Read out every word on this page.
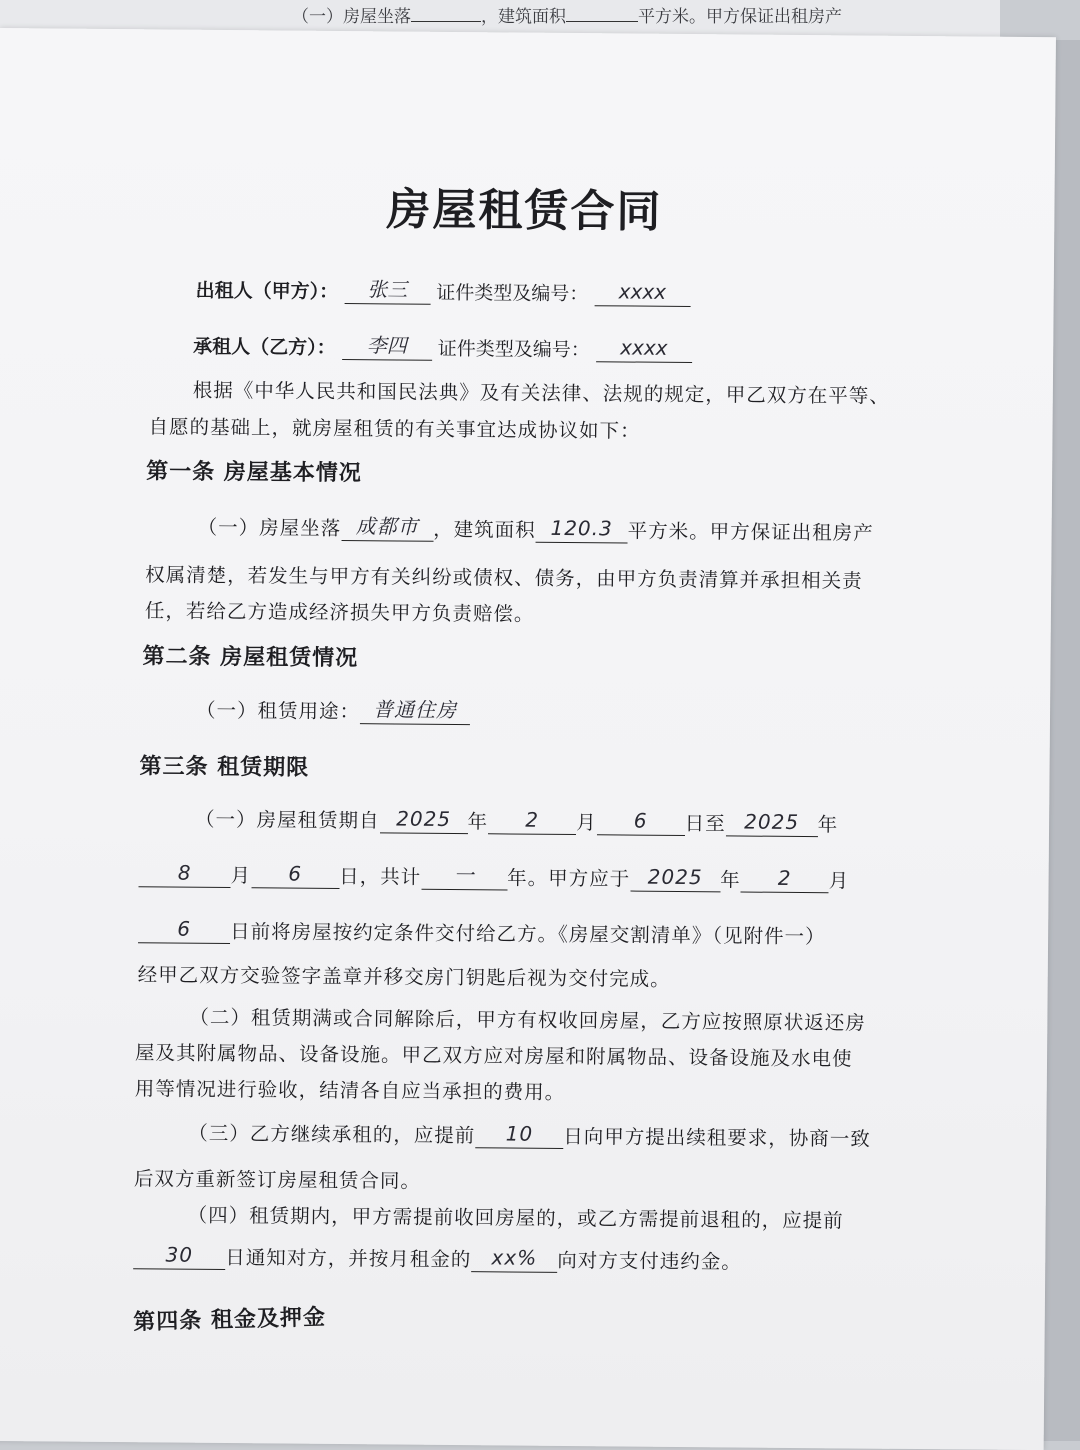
（一）房屋坐落	，建筑面积	平方米。甲方保证出租房产
房屋租赁合同
出租人（甲方）： 张三 证件类型及编号： xxxx
承租人（乙方）： 李四 证件类型及编号： xxxx
根据《中华人民共和国民法典》及有关法律、法规的规定，甲乙双方在平等、
自愿的基础上，就房屋租赁的有关事宜达成协议如下：
第一条 房屋基本情况
（一）房屋坐落 成都市 ，建筑面积 120.3 平方米。甲方保证出租房产
权属清楚，若发生与甲方有关纠纷或债权、债务，由甲方负责清算并承担相关责
任，若给乙方造成经济损失甲方负责赔偿。
第二条 房屋租赁情况
（一）租赁用途： 普通住房
第三条 租赁期限
（一）房屋租赁期自 2025 年 2 月 6 日至 2025 年
8 月 6 日，共计 一 年。甲方应于 2025 年 2 月
6 日前将房屋按约定条件交付给乙方。《房屋交割清单》（见附件一）
经甲乙双方交验签字盖章并移交房门钥匙后视为交付完成。
（二）租赁期满或合同解除后，甲方有权收回房屋，乙方应按照原状返还房
屋及其附属物品、设备设施。甲乙双方应对房屋和附属物品、设备设施及水电使
用等情况进行验收，结清各自应当承担的费用。
（三）乙方继续承租的，应提前 10 日向甲方提出续租要求，协商一致
后双方重新签订房屋租赁合同。
（四）租赁期内，甲方需提前收回房屋的，或乙方需提前退租的，应提前
30 日通知对方，并按月租金的 xx% 向对方支付违约金。
第四条 租金及押金
